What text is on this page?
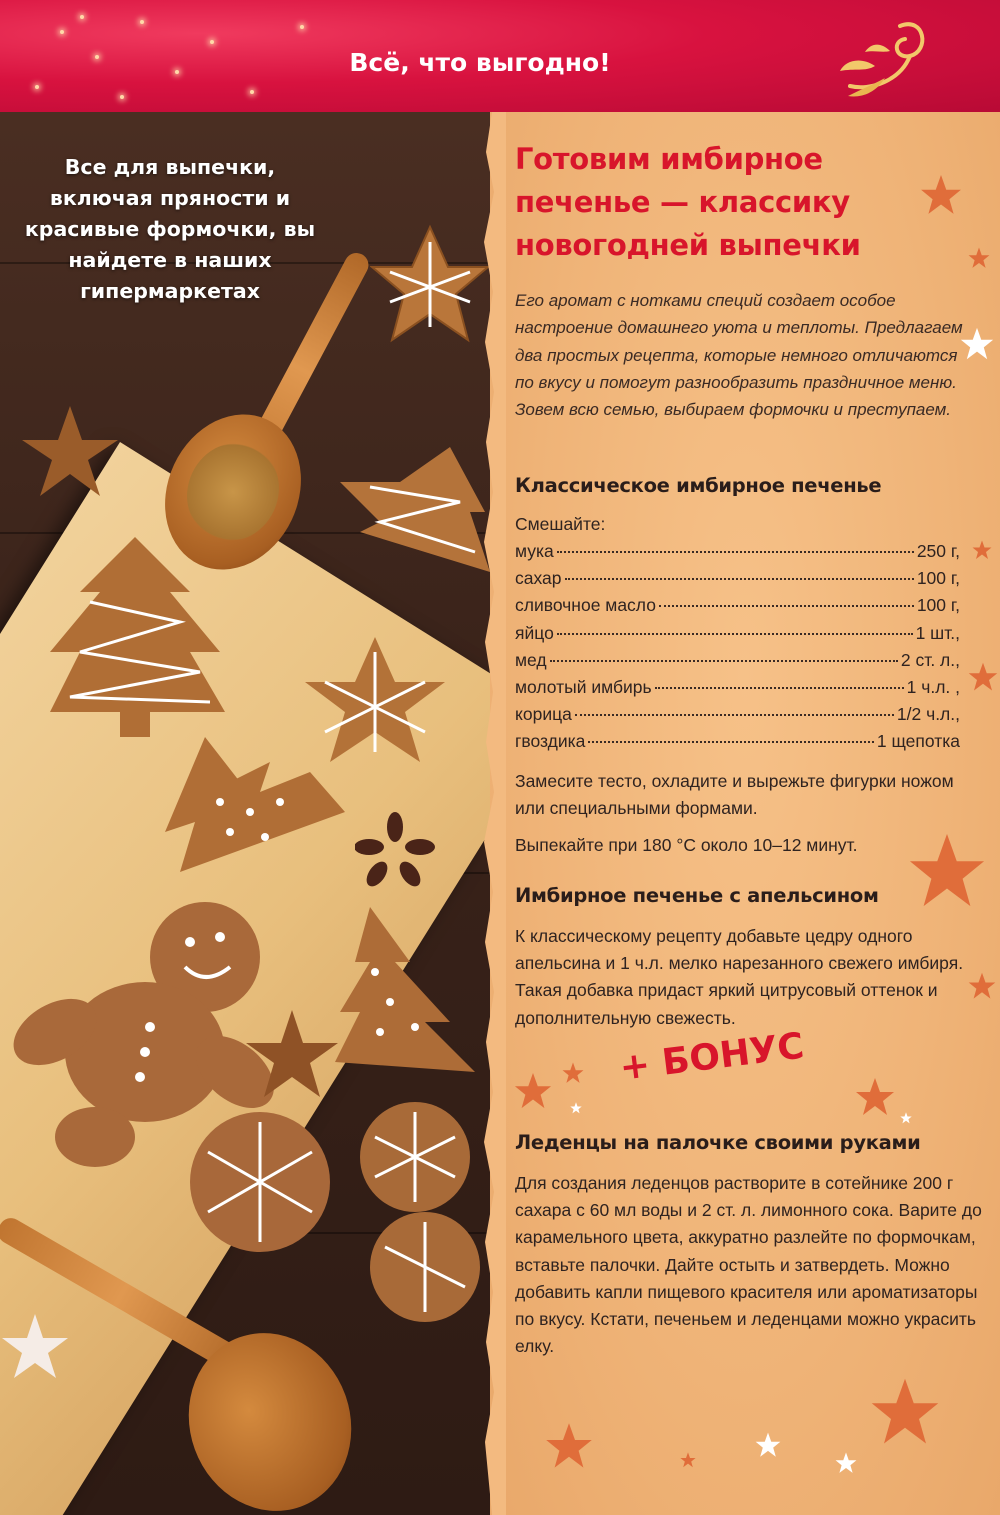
Всё, что выгодно!
Все для выпечки, включая пряности и красивые формочки, вы найдете в наших гипермаркетах
Готовим имбирное печенье — классику новогодней выпечки
Его аромат с нотками специй создает особое настроение домашнего уюта и теплоты. Предлагаем два простых рецепта, которые немного отличаются по вкусу и помогут разнообразить праздничное меню. Зовем всю семью, выбираем формочки и преступаем.
Классическое имбирное печенье
Смешайте:
мука	250 г,
сахар	100 г,
сливочное масло	100 г,
яйцо	1 шт.,
мед	2 ст. л.,
молотый имбирь	1 ч.л. ,
корица	1/2 ч.л.,
гвоздика	1 щепотка
Замесите тесто, охладите и вырежьте фигурки ножом или специальными формами.
Выпекайте при 180 °С около 10–12 минут.
Имбирное печенье с апельсином
К классическому рецепту добавьте цедру одного апельсина и 1 ч.л. мелко нарезанного свежего имбиря. Такая добавка придаст яркий цитрусовый оттенок и дополнительную свежесть.
+ БОНУС
Леденцы на палочке своими руками
Для создания леденцов растворите в сотейнике 200 г сахара с 60 мл воды и 2 ст. л. лимонного сока. Варите до карамельного цвета, аккуратно разлейте по формочкам, вставьте палочки. Дайте остыть и затвердеть. Можно добавить капли пищевого красителя или ароматизаторы по вкусу. Кстати, печеньем и леденцами можно украсить елку.
